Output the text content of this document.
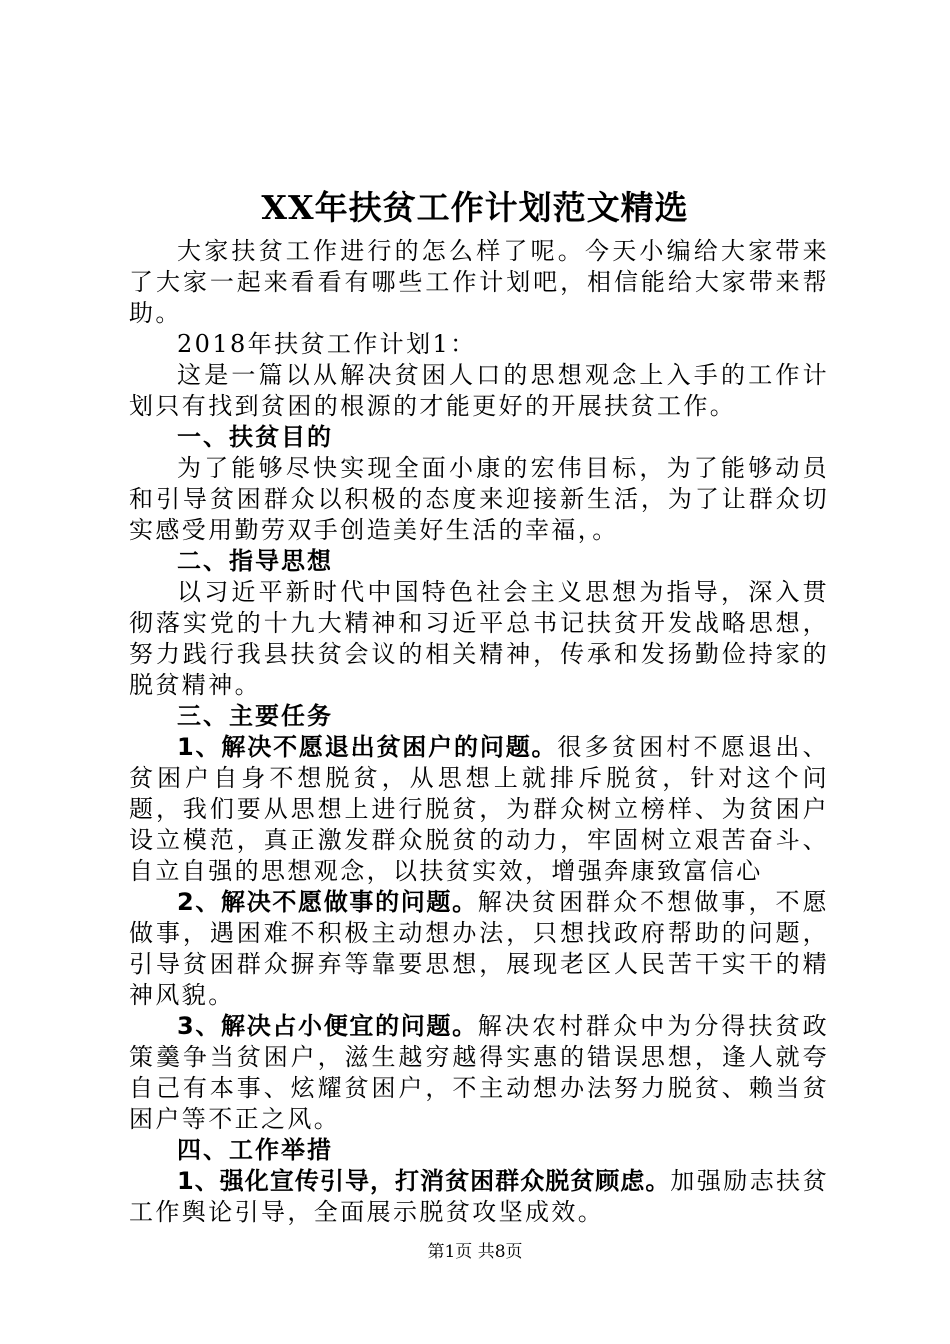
XX年扶贫工作计划范文精选

大家扶贫工作进行的怎么样了呢。今天小编给大家带来了大家一起来看看有哪些工作计划吧，相信能给大家带来帮助。

2018年扶贫工作计划1：

这是一篇以从解决贫困人口的思想观念上入手的工作计划只有找到贫困的根源的才能更好的开展扶贫工作。

一、扶贫目的

为了能够尽快实现全面小康的宏伟目标，为了能够动员和引导贫困群众以积极的态度来迎接新生活，为了让群众切实感受用勤劳双手创造美好生活的幸福，。

二、指导思想

以习近平新时代中国特色社会主义思想为指导，深入贯彻落实党的十九大精神和习近平总书记扶贫开发战略思想，努力践行我县扶贫会议的相关精神，传承和发扬勤俭持家的脱贫精神。

三、主要任务

1、解决不愿退出贫困户的问题。很多贫困村不愿退出、贫困户自身不想脱贫，从思想上就排斥脱贫，针对这个问题，我们要从思想上进行脱贫，为群众树立榜样、为贫困户设立模范，真正激发群众脱贫的动力，牢固树立艰苦奋斗、自立自强的思想观念，以扶贫实效，增强奔康致富信心

2、解决不愿做事的问题。解决贫困群众不想做事，不愿做事，遇困难不积极主动想办法，只想找政府帮助的问题，引导贫困群众摒弃等靠要思想，展现老区人民苦干实干的精神风貌。

3、解决占小便宜的问题。解决农村群众中为分得扶贫政策羹争当贫困户，滋生越穷越得实惠的错误思想，逢人就夸自己有本事、炫耀贫困户，不主动想办法努力脱贫、赖当贫困户等不正之风。

四、工作举措

1、强化宣传引导，打消贫困群众脱贫顾虑。加强励志扶贫工作舆论引导，全面展示脱贫攻坚成效。

第1页 共8页
